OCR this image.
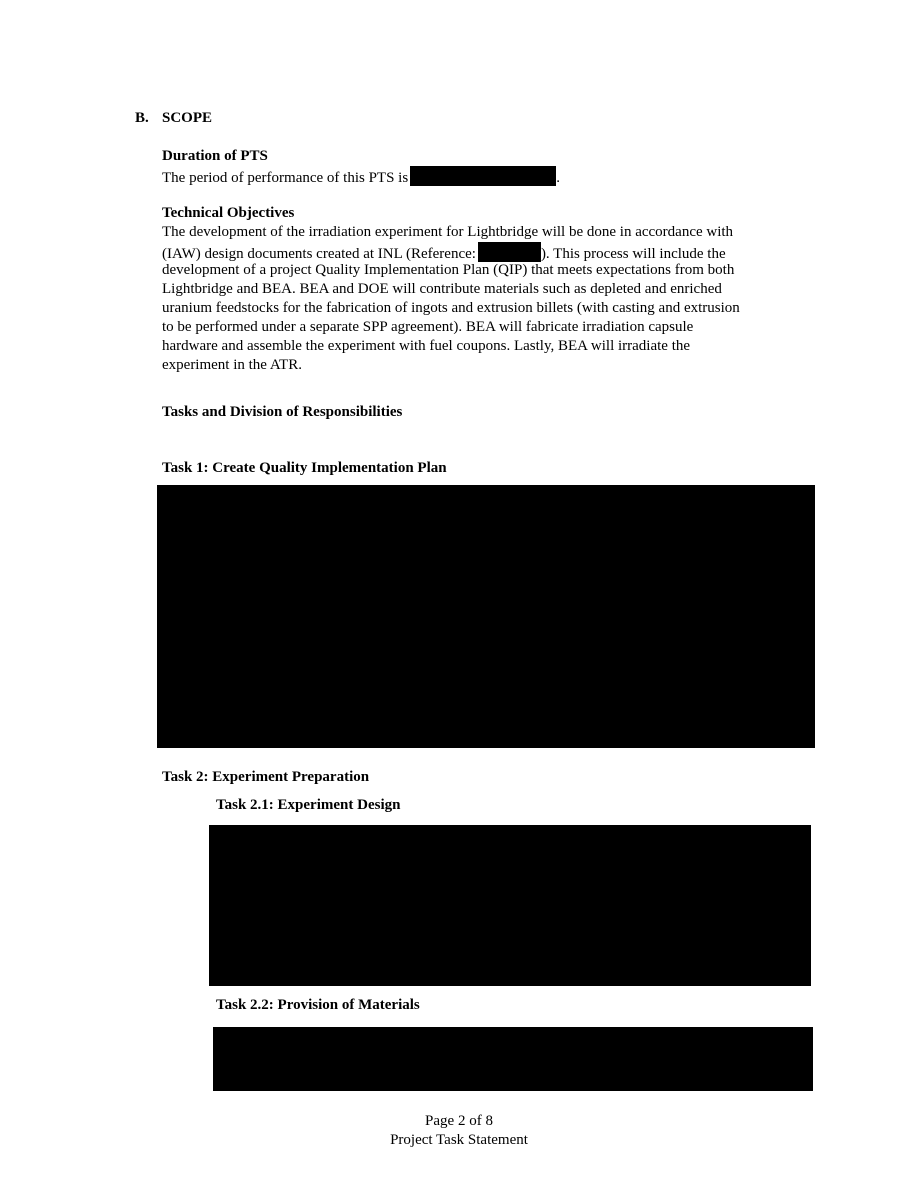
B. SCOPE
Duration of PTS
The period of performance of this PTS is	.
Technical Objectives
The development of the irradiation experiment for Lightbridge will be done in accordance with
(IAW) design documents created at INL (Reference:	). This process will include the
development of a project Quality Implementation Plan (QIP) that meets expectations from both
Lightbridge and BEA. BEA and DOE will contribute materials such as depleted and enriched
uranium feedstocks for the fabrication of ingots and extrusion billets (with casting and extrusion
to be performed under a separate SPP agreement). BEA will fabricate irradiation capsule
hardware and assemble the experiment with fuel coupons. Lastly, BEA will irradiate the
experiment in the ATR.
Tasks and Division of Responsibilities
Task 1: Create Quality Implementation Plan
Task 2: Experiment Preparation
Task 2.1: Experiment Design
Task 2.2: Provision of Materials
Page 2 of 8
Project Task Statement
